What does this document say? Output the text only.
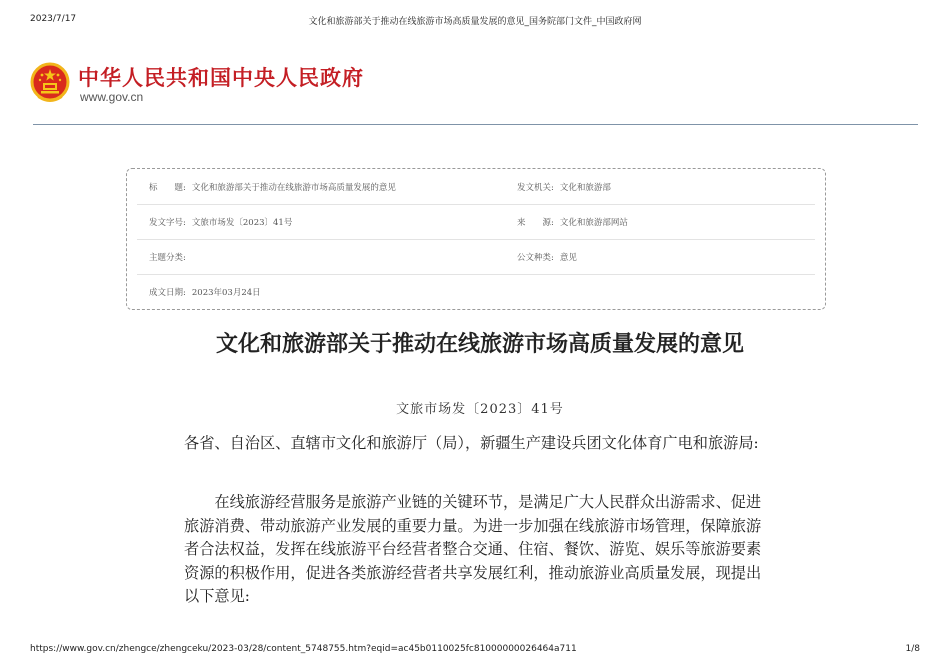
2023/7/17	文化和旅游部关于推动在线旅游市场高质量发展的意见_国务院部门文件_中国政府网
中华人民共和国中央人民政府
www.gov.cn
标　　题: 文化和旅游部关于推动在线旅游市场高质量发展的意见	发文机关: 文化和旅游部
发文字号: 文旅市场发〔2023〕41号	来　　源: 文化和旅游部网站
主题分类:	公文种类: 意见
成文日期: 2023年03月24日
文化和旅游部关于推动在线旅游市场高质量发展的意见
文旅市场发〔2023〕41号

各省、自治区、直辖市文化和旅游厅（局），新疆生产建设兵团文化体育广电和旅游局:

在线旅游经营服务是旅游产业链的关键环节，是满足广大人民群众出游需求、促进旅游消费、带动旅游产业发展的重要力量。为进一步加强在线旅游市场管理，保障旅游者合法权益，发挥在线旅游平台经营者整合交通、住宿、餐饮、游览、娱乐等旅游要素资源的积极作用，促进各类旅游经营者共享发展红利，推动旅游业高质量发展，现提出以下意见:

https://www.gov.cn/zhengce/zhengceku/2023-03/28/content_5748755.htm?eqid=ac45b0110025fc81000000026464a711	1/8
